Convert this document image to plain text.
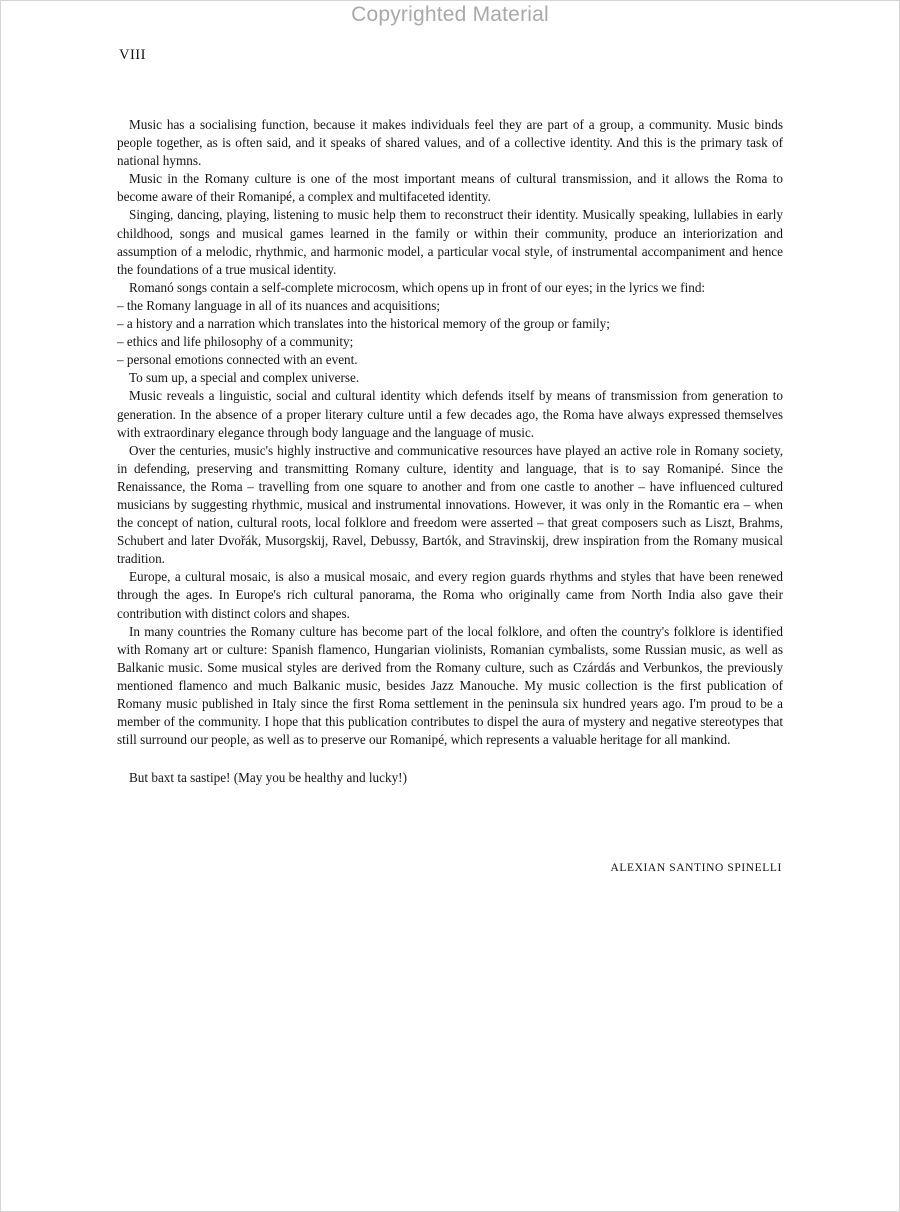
Copyrighted Material
VIII

Music has a socialising function, because it makes individuals feel they are part of a group, a community. Music binds people together, as is often said, and it speaks of shared values, and of a collective identity. And this is the primary task of national hymns.

Music in the Romany culture is one of the most important means of cultural transmission, and it allows the Roma to become aware of their Romanipé, a complex and multifaceted identity.

Singing, dancing, playing, listening to music help them to reconstruct their identity. Musically speaking, lullabies in early childhood, songs and musical games learned in the family or within their community, produce an interiorization and assumption of a melodic, rhythmic, and harmonic model, a particular vocal style, of instrumental accompaniment and hence the foundations of a true musical identity.

Romanó songs contain a self-complete microcosm, which opens up in front of our eyes; in the lyrics we find:

– the Romany language in all of its nuances and acquisitions;
– a history and a narration which translates into the historical memory of the group or family;
– ethics and life philosophy of a community;
– personal emotions connected with an event.

To sum up, a special and complex universe.

Music reveals a linguistic, social and cultural identity which defends itself by means of transmission from generation to generation. In the absence of a proper literary culture until a few decades ago, the Roma have always expressed themselves with extraordinary elegance through body language and the language of music.

Over the centuries, music's highly instructive and communicative resources have played an active role in Romany society, in defending, preserving and transmitting Romany culture, identity and language, that is to say Romanipé. Since the Renaissance, the Roma – travelling from one square to another and from one castle to another – have influenced cultured musicians by suggesting rhythmic, musical and instrumental innovations. However, it was only in the Romantic era – when the concept of nation, cultural roots, local folklore and freedom were asserted – that great composers such as Liszt, Brahms, Schubert and later Dvořák, Musorgskij, Ravel, Debussy, Bartók, and Stravinskij, drew inspiration from the Romany musical tradition.

Europe, a cultural mosaic, is also a musical mosaic, and every region guards rhythms and styles that have been renewed through the ages. In Europe's rich cultural panorama, the Roma who originally came from North India also gave their contribution with distinct colors and shapes.

In many countries the Romany culture has become part of the local folklore, and often the country's folklore is identified with Romany art or culture: Spanish flamenco, Hungarian violinists, Romanian cymbalists, some Russian music, as well as Balkanic music. Some musical styles are derived from the Romany culture, such as Czárdás and Verbunkos, the previously mentioned flamenco and much Balkanic music, besides Jazz Manouche. My music collection is the first publication of Romany music published in Italy since the first Roma settlement in the peninsula six hundred years ago. I'm proud to be a member of the community. I hope that this publication contributes to dispel the aura of mystery and negative stereotypes that still surround our people, as well as to preserve our Romanipé, which represents a valuable heritage for all mankind.

But baxt ta sastipe! (May you be healthy and lucky!)

ALEXIAN SANTINO SPINELLI
